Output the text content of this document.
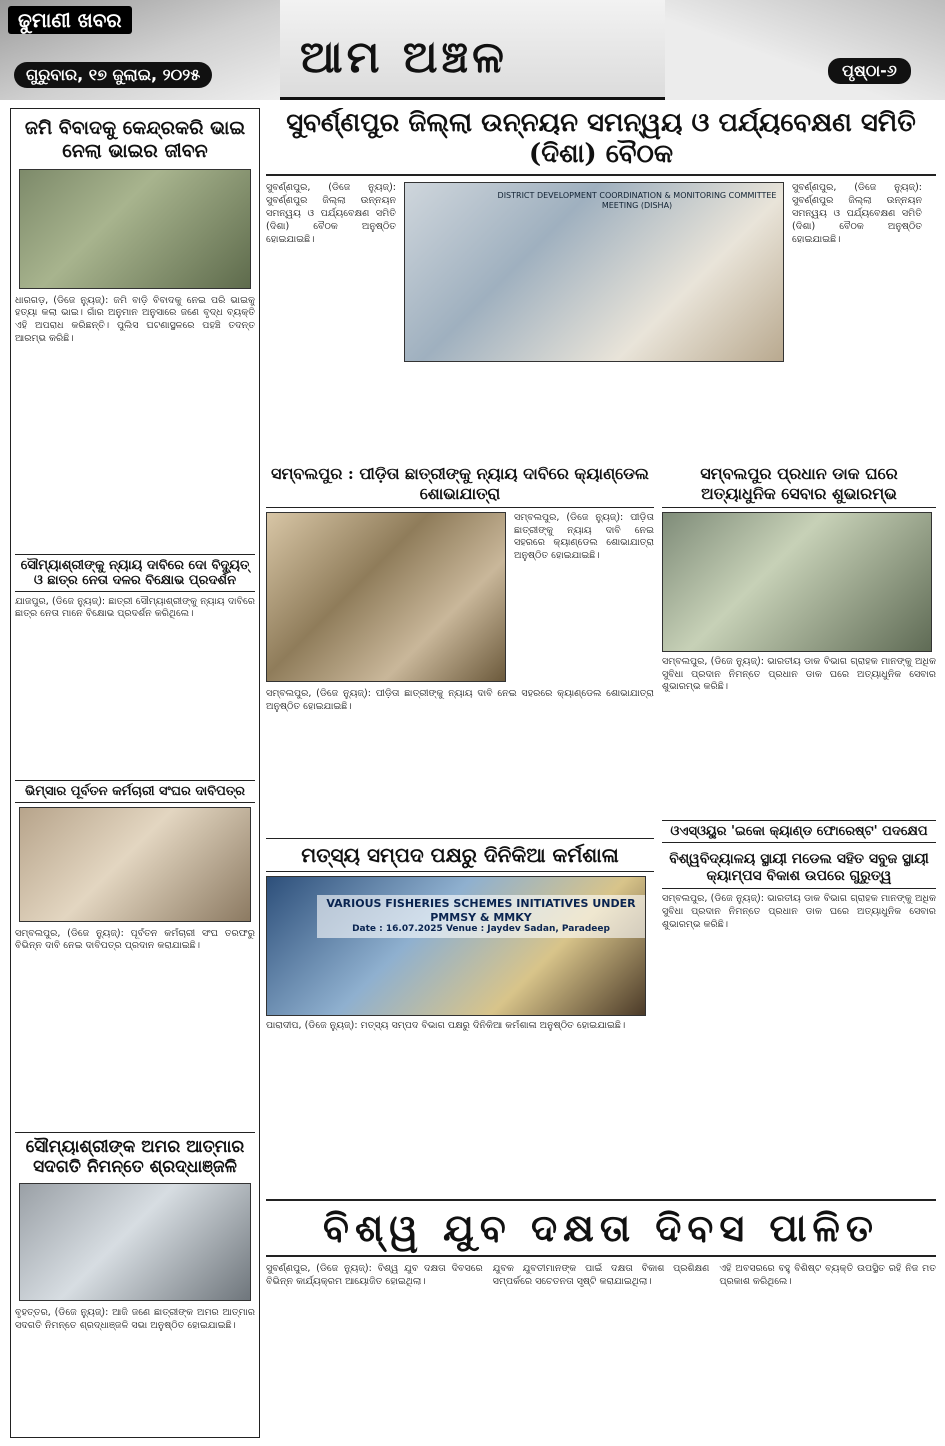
ଢୁମାଣୀ ଖବର
ଗୁରୁବାର, ୧୭ ଜୁଲାଇ, ୨୦୨୫ ଆମ ଅଞ୍ଚଳ	ପୃଷ୍ଠା-୬
ଜମି ବିବାଦକୁ କେନ୍ଦ୍ରକରି ଭାଇ ନେଲା ଭାଇର ଜୀବନ
ଧାରଗଡ଼, (ଡିଜେ ନ୍ୟୁଜ୍): ଜମି ବାଡ଼ି ବିବାଦକୁ ନେଇ ପରି ଭାଇକୁ ହତ୍ୟା କଲା ଭାଇ। ଗାଁର ଅନୁମାନ ଅନୁସାରେ ଜଣେ ବୃଦ୍ଧ ବ୍ୟକ୍ତି ଏହି ଅପରାଧ କରିଛନ୍ତି। ପୁଲିସ ଘଟଣାସ୍ଥଳରେ ପହଞ୍ଚି ତଦନ୍ତ ଆରମ୍ଭ କରିଛି।
ସୌମ୍ୟାଶ୍ରୀଙ୍କୁ ନ୍ୟାୟ ଦାବିରେ ଦୋ ବିଦ୍ୟୁତ୍ ଓ ଛାତ୍ର ନେତା ଦଳର ବିକ୍ଷୋଭ ପ୍ରଦର୍ଶନ
ଯାଜପୁର, (ଡିଜେ ନ୍ୟୁଜ୍): ଛାତ୍ରୀ ସୌମ୍ୟାଶ୍ରୀଙ୍କୁ ନ୍ୟାୟ ଦାବିରେ ଛାତ୍ର ନେତା ମାନେ ବିକ୍ଷୋଭ ପ୍ରଦର୍ଶନ କରିଥିଲେ।
ଭିମ୍‌ସାର ପୂର୍ବତନ କର୍ମଚାରୀ ସଂଘର ଦାବିପତ୍ର
ସମ୍ବଲପୁର, (ଡିଜେ ନ୍ୟୁଜ୍): ପୂର୍ବତନ କର୍ମଚାରୀ ସଂଘ ତରଫରୁ ବିଭିନ୍ନ ଦାବି ନେଇ ଦାବିପତ୍ର ପ୍ରଦାନ କରାଯାଇଛି।
ସୌମ୍ୟାଶ୍ରୀଙ୍କ ଅମର ଆତ୍ମାର ସଦଗତି ନିମନ୍ତେ ଶ୍ରଦ୍ଧାଞ୍ଜଳି
ବୃହତ୍ତର, (ଡିଜେ ନ୍ୟୁଜ୍): ଆଜି ଜଣେ ଛାତ୍ରୀଙ୍କ ଅମର ଆତ୍ମାର ସଦଗତି ନିମନ୍ତେ ଶ୍ରଦ୍ଧାଞ୍ଜଳି ସଭା ଅନୁଷ୍ଠିତ ହୋଇଯାଇଛି।
ସୁବର୍ଣ୍ଣପୁର ଜିଲ୍ଲା ଉନ୍ନୟନ ସମନ୍ୱୟ ଓ ପର୍ଯ୍ୟବେକ୍ଷଣ ସମିତି (ଦିଶା) ବୈଠକ
ସୁବର୍ଣ୍ଣପୁର, (ଡିଜେ ନ୍ୟୁଜ୍): ସୁବର୍ଣ୍ଣପୁର ଜିଲ୍ଲା ଉନ୍ନୟନ ସମନ୍ୱୟ ଓ ପର୍ଯ୍ୟବେକ୍ଷଣ ସମିତି (ଦିଶା) ବୈଠକ ଅନୁଷ୍ଠିତ ହୋଇଯାଇଛି।
DISTRICT DEVELOPMENT COORDINATION & MONITORING COMMITTEE MEETING (DISHA)
ସୁବର୍ଣ୍ଣପୁର, (ଡିଜେ ନ୍ୟୁଜ୍): ସୁବର୍ଣ୍ଣପୁର ଜିଲ୍ଲା ଉନ୍ନୟନ ସମନ୍ୱୟ ଓ ପର୍ଯ୍ୟବେକ୍ଷଣ ସମିତି (ଦିଶା) ବୈଠକ ଅନୁଷ୍ଠିତ ହୋଇଯାଇଛି।
ସମ୍ବଲପୁର : ପୀଡ଼ିତା ଛାତ୍ରୀଙ୍କୁ ନ୍ୟାୟ ଦାବିରେ କ୍ୟାଣ୍ଡେଲ ଶୋଭାଯାତ୍ରା
ସମ୍ବଲପୁର, (ଡିଜେ ନ୍ୟୁଜ୍): ପୀଡ଼ିତା ଛାତ୍ରୀଙ୍କୁ ନ୍ୟାୟ ଦାବି ନେଇ ସହରରେ କ୍ୟାଣ୍ଡେଲ ଶୋଭାଯାତ୍ରା ଅନୁଷ୍ଠିତ ହୋଇଯାଇଛି।
ସମ୍ବଲପୁର, (ଡିଜେ ନ୍ୟୁଜ୍): ପୀଡ଼ିତା ଛାତ୍ରୀଙ୍କୁ ନ୍ୟାୟ ଦାବି ନେଇ ସହରରେ କ୍ୟାଣ୍ଡେଲ ଶୋଭାଯାତ୍ରା ଅନୁଷ୍ଠିତ ହୋଇଯାଇଛି।
ମତ୍ସ୍ୟ ସମ୍ପଦ ପକ୍ଷରୁ ଦିନିକିଆ କର୍ମଶାଳା
VARIOUS FISHERIES SCHEMES INITIATIVES UNDER PMMSY & MMKY
Date : 16.07.2025 Venue : Jaydev Sadan, Paradeep
ପାରାଦୀପ, (ଡିଜେ ନ୍ୟୁଜ୍): ମତ୍ସ୍ୟ ସମ୍ପଦ ବିଭାଗ ପକ୍ଷରୁ ଦିନିକିଆ କର୍ମଶାଳା ଅନୁଷ୍ଠିତ ହୋଇଯାଇଛି।
ସମ୍ବଲପୁର ପ୍ରଧାନ ଡାକ ଘରେ ଅତ୍ୟାଧୁନିକ ସେବାର ଶୁଭାରମ୍ଭ
ସମ୍ବଲପୁର, (ଡିଜେ ନ୍ୟୁଜ୍): ଭାରତୀୟ ଡାକ ବିଭାଗ ଗ୍ରାହକ ମାନଙ୍କୁ ଅଧିକ ସୁବିଧା ପ୍ରଦାନ ନିମନ୍ତେ ପ୍ରଧାନ ଡାକ ଘରେ ଅତ୍ୟାଧୁନିକ ସେବାର ଶୁଭାରମ୍ଭ କରିଛି।
ଓଏସ୍‌ଓୟୁର 'ଇକୋ କ୍ୟାଣ୍ଡ ଫୋରେଷ୍ଟ' ପଦକ୍ଷେପ
ବିଶ୍ୱବିଦ୍ୟାଳୟ ସ୍ଥାୟୀ ମଡେଲ ସହିତ ସବୁଜ ସ୍ଥାୟୀ କ୍ୟାମ୍ପସ ବିକାଶ ଉପରେ ଗୁରୁତ୍ୱ
ସମ୍ବଲପୁର, (ଡିଜେ ନ୍ୟୁଜ୍): ଭାରତୀୟ ଡାକ ବିଭାଗ ଗ୍ରାହକ ମାନଙ୍କୁ ଅଧିକ ସୁବିଧା ପ୍ରଦାନ ନିମନ୍ତେ ପ୍ରଧାନ ଡାକ ଘରେ ଅତ୍ୟାଧୁନିକ ସେବାର ଶୁଭାରମ୍ଭ କରିଛି।
ବିଶ୍ୱ ଯୁବ ଦକ୍ଷତା ଦିବସ ପାଳିତ
ସୁବର୍ଣ୍ଣପୁର, (ଡିଜେ ନ୍ୟୁଜ୍): ବିଶ୍ୱ ଯୁବ ଦକ୍ଷତା ଦିବସରେ ବିଭିନ୍ନ କାର୍ଯ୍ୟକ୍ରମ ଆୟୋଜିତ ହୋଇଥିଲା।
ଯୁବକ ଯୁବତୀମାନଙ୍କ ପାଇଁ ଦକ୍ଷତା ବିକାଶ ପ୍ରଶିକ୍ଷଣ ସମ୍ପର୍କରେ ସଚେତନତା ସୃଷ୍ଟି କରାଯାଇଥିଲା।
ଏହି ଅବସରରେ ବହୁ ବିଶିଷ୍ଟ ବ୍ୟକ୍ତି ଉପସ୍ଥିତ ରହି ନିଜ ମତ ପ୍ରକାଶ କରିଥିଲେ।
